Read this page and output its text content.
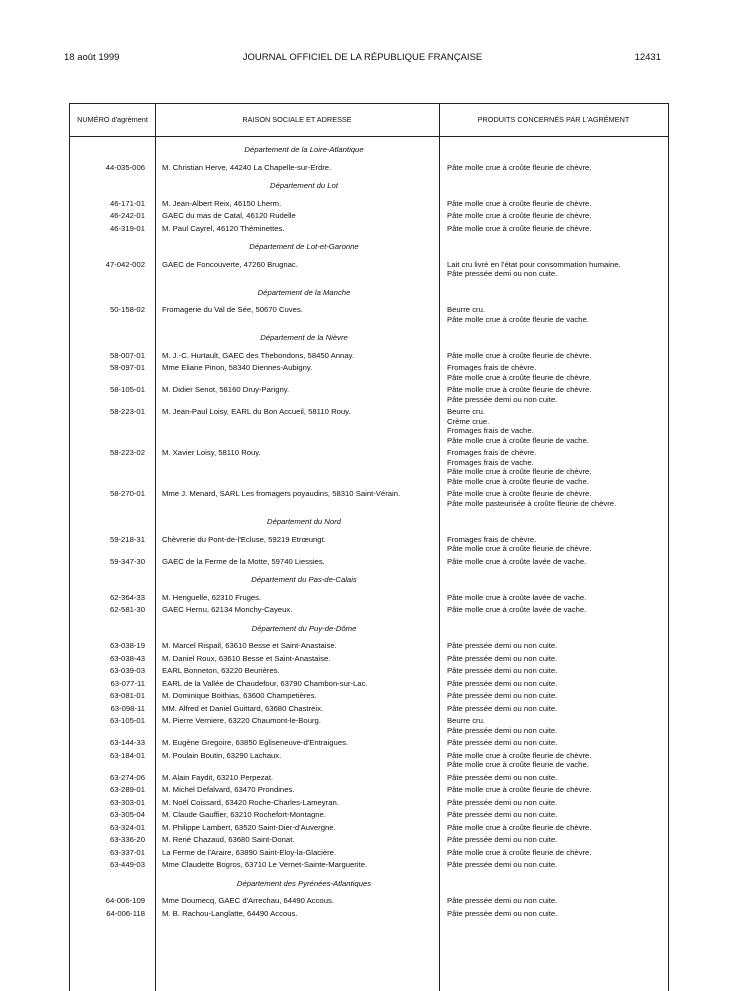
18 août 1999	JOURNAL OFFICIEL DE LA RÉPUBLIQUE FRANÇAISE	12431
NUMÉRO d'agrément	RAISON SOCIALE ET ADRESSE	PRODUITS CONCERNÉS PAR L'AGRÉMENT
Département de la Loire-Atlantique
44-035-006 M. Christian Herve, 44240 La Chapelle-sur-Erdre.	Pâte molle crue à croûte fleurie de chèvre.
Département du Lot
46-171-01 M. Jean-Albert Reix, 46150 Lherm.	Pâte molle crue à croûte fleurie de chèvre.
46-242-01 GAEC du mas de Catal, 46120 Rudelle	Pâte molle crue à croûte fleurie de chèvre.
46-319-01 M. Paul Cayrel, 46120 Théminettes.	Pâte molle crue à croûte fleurie de chèvre.
Département de Lot-et-Garonne
47-042-002 GAEC de Foncouverte, 47260 Brugnac.	Lait cru livré en l'état pour consommation humaine.
Pâte pressée demi ou non cuite.
Département de la Manche
50-158-02 Fromagerie du Val de Sée, 50670 Cuves.	Beurre cru.
Pâte molle crue à croûte fleurie de vache.
Département de la Nièvre
58-007-01 M. J.-C. Hurtault, GAEC des Thebondons, 58450 Annay.	Pâte molle crue à croûte fleurie de chèvre.
58-097-01 Mme Eliane Pinon, 58340 Diennes-Aubigny.	Fromages frais de chèvre.
Pâte molle crue à croûte fleurie de chèvre.
58-105-01 M. Didier Senot, 58160 Druy-Parigny.	Pâte molle crue à croûte fleurie de chèvre.
Pâte pressée demi ou non cuite.
58-223-01 M. Jean-Paul Loisy, EARL du Bon Accueil, 58110 Rouy.	Beurre cru.
Crème crue.
Fromages frais de vache.
Pâte molle crue à croûte fleurie de vache.
58-223-02 M. Xavier Loisy, 58110 Rouy.	Fromages frais de chèvre.
Fromages frais de vache.
Pâte molle crue à croûte fleurie de chèvre.
Pâte molle crue à croûte fleurie de vache.
58-270-01 Mme J. Menard, SARL Les fromagers poyaudins, 58310 Saint-Vérain.	Pâte molle crue à croûte fleurie de chèvre.
Pâte molle pasteurisée à croûte fleurie de chèvre.
Département du Nord
59-218-31 Chèvrerie du Pont-de-l'Ecluse, 59219 Etrœungt.	Fromages frais de chèvre.
Pâte molle crue à croûte fleurie de chèvre.
59-347-30 GAEC de la Ferme de la Motte, 59740 Liessies.	Pâte molle crue à croûte lavée de vache.
Département du Pas-de-Calais
62-364-33 M. Henguelle, 62310 Fruges.	Pâte molle crue à croûte lavée de vache.
62-581-30 GAEC Hernu, 62134 Monchy-Cayeux.	Pâte molle crue à croûte lavée de vache.
Département du Puy-de-Dôme
63-038-19 M. Marcel Rispail, 63610 Besse et Saint-Anastaise.	Pâte pressée demi ou non cuite.
63-038-43 M. Daniel Roux, 63610 Besse et Saint-Anastaise.	Pâte pressée demi ou non cuite.
63-039-03 EARL Bonneton, 63220 Beurières.	Pâte pressée demi ou non cuite.
63-077-11 EARL de la Vallée de Chaudefour, 63790 Chambon-sur-Lac.	Pâte pressée demi ou non cuite.
63-081-01 M. Dominique Boithias, 63600 Champetières.	Pâte pressée demi ou non cuite.
63-098-11 MM. Alfred et Daniel Guittard, 63680 Chastreix.	Pâte pressée demi ou non cuite.
63-105-01 M. Pierre Verniere, 63220 Chaumont-le-Bourg.	Beurre cru.
Pâte pressée demi ou non cuite.
63-144-33 M. Eugène Gregoire, 63850 Egliseneuve-d'Entraigues.	Pâte pressée demi ou non cuite.
63-184-01 M. Poulain Boutin, 63290 Lachaux.	Pâte molle crue à croûte fleurie de chèvre.
Pâte molle crue à croûte fleurie de vache.
63-274-06 M. Alain Faydit, 63210 Perpezat.	Pâte pressée demi ou non cuite.
63-289-01 M. Michel Defalvard, 63470 Prondines.	Pâte molle crue à croûte fleurie de chèvre.
63-303-01 M. Noël Coissard, 63420 Roche-Charles-Lameyran.	Pâte pressée demi ou non cuite.
63-305-04 M. Claude Gauffier, 63210 Rochefort-Montagne.	Pâte pressée demi ou non cuite.
63-324-01 M. Philippe Lambert, 63520 Saint-Dier-d'Auvergne.	Pâte molle crue à croûte fleurie de chèvre.
63-336-20 M. René Chazaud, 63680 Saint-Donat.	Pâte pressée demi ou non cuite.
63-337-01 La Ferme de l'Araire, 63890 Saint-Eloy-la-Glacière.	Pâte molle crue à croûte fleurie de chèvre.
63-449-03 Mme Claudette Bogros, 63710 Le Vernet-Sainte-Marguerite.	Pâte pressée demi ou non cuite.
Département des Pyrénées-Atlantiques
64-006-109 Mme Doumecq, GAEC d'Arrechau, 64490 Accous.	Pâte pressée demi ou non cuite.
64-006-118 M. B. Rachou-Langlatte, 64490 Accous.	Pâte pressée demi ou non cuite.
